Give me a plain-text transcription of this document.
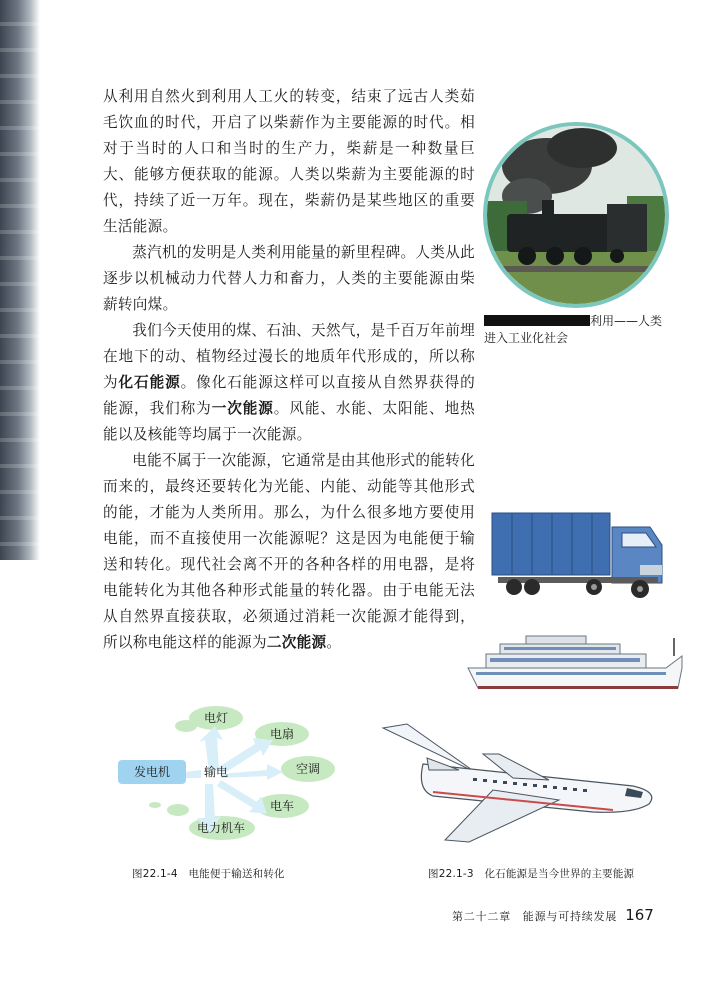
从利用自然火到利用人工火的转变，结束了远古人类茹毛饮血的时代，开启了以柴薪作为主要能源的时代。相对于当时的人口和当时的生产力，柴薪是一种数量巨大、能够方便获取的能源。人类以柴薪为主要能源的时代，持续了近一万年。现在，柴薪仍是某些地区的重要生活能源。

蒸汽机的发明是人类利用能量的新里程碑。人类从此逐步以机械动力代替人力和畜力，人类的主要能源由柴薪转向煤。

我们今天使用的煤、石油、天然气，是千百万年前埋在地下的动、植物经过漫长的地质年代形成的，所以称为化石能源。像化石能源这样可以直接从自然界获得的能源，我们称为一次能源。风能、水能、太阳能、地热能以及核能等均属于一次能源。

电能不属于一次能源，它通常是由其他形式的能转化而来的，最终还要转化为光能、内能、动能等其他形式的能，才能为人类所用。那么，为什么很多地方要使用电能，而不直接使用一次能源呢？这是因为电能便于输送和转化。现代社会离不开的各种各样的用电器，是将电能转化为其他各种形式能量的转化器。由于电能无法从自然界直接获取，必须通过消耗一次能源才能得到，所以称电能这样的能源为二次能源。

利用——人类进入工业化社会
发电机	输电
电灯
电扇
空调
电车
电力机车
图22.1-4　电能便于输送和转化	图22.1-3　化石能源是当今世界的主要能源
第二十二章　能源与可持续发展 167
